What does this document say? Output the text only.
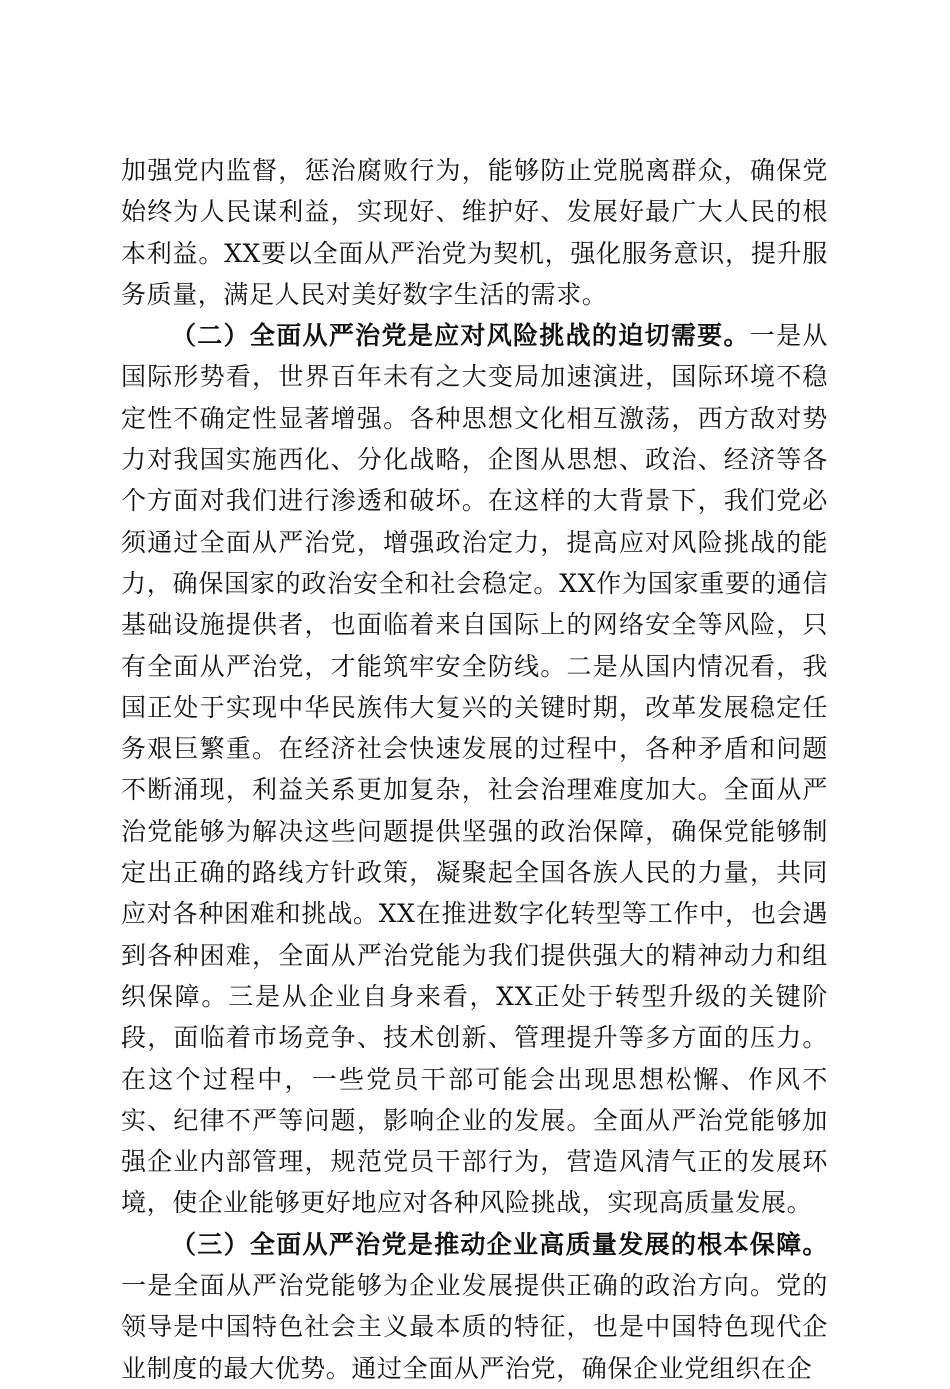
加强党内监督，惩治腐败行为，能够防止党脱离群众，确保党始终为人民谋利益，实现好、维护好、发展好最广大人民的根本利益。XX要以全面从严治党为契机，强化服务意识，提升服务质量，满足人民对美好数字生活的需求。

（二）全面从严治党是应对风险挑战的迫切需要。一是从国际形势看，世界百年未有之大变局加速演进，国际环境不稳定性不确定性显著增强。各种思想文化相互激荡，西方敌对势力对我国实施西化、分化战略，企图从思想、政治、经济等各个方面对我们进行渗透和破坏。在这样的大背景下，我们党必须通过全面从严治党，增强政治定力，提高应对风险挑战的能力，确保国家的政治安全和社会稳定。XX作为国家重要的通信基础设施提供者，也面临着来自国际上的网络安全等风险，只有全面从严治党，才能筑牢安全防线。二是从国内情况看，我国正处于实现中华民族伟大复兴的关键时期，改革发展稳定任务艰巨繁重。在经济社会快速发展的过程中，各种矛盾和问题不断涌现，利益关系更加复杂，社会治理难度加大。全面从严治党能够为解决这些问题提供坚强的政治保障，确保党能够制定出正确的路线方针政策，凝聚起全国各族人民的力量，共同应对各种困难和挑战。XX在推进数字化转型等工作中，也会遇到各种困难，全面从严治党能为我们提供强大的精神动力和组织保障。三是从企业自身来看，XX正处于转型升级的关键阶段，面临着市场竞争、技术创新、管理提升等多方面的压力。在这个过程中，一些党员干部可能会出现思想松懈、作风不实、纪律不严等问题，影响企业的发展。全面从严治党能够加强企业内部管理，规范党员干部行为，营造风清气正的发展环境，使企业能够更好地应对各种风险挑战，实现高质量发展。

（三）全面从严治党是推动企业高质量发展的根本保障。一是全面从严治党能够为企业发展提供正确的政治方向。党的领导是中国特色社会主义最本质的特征，也是中国特色现代企业制度的最大优势。通过全面从严治党，确保企业党组织在企
